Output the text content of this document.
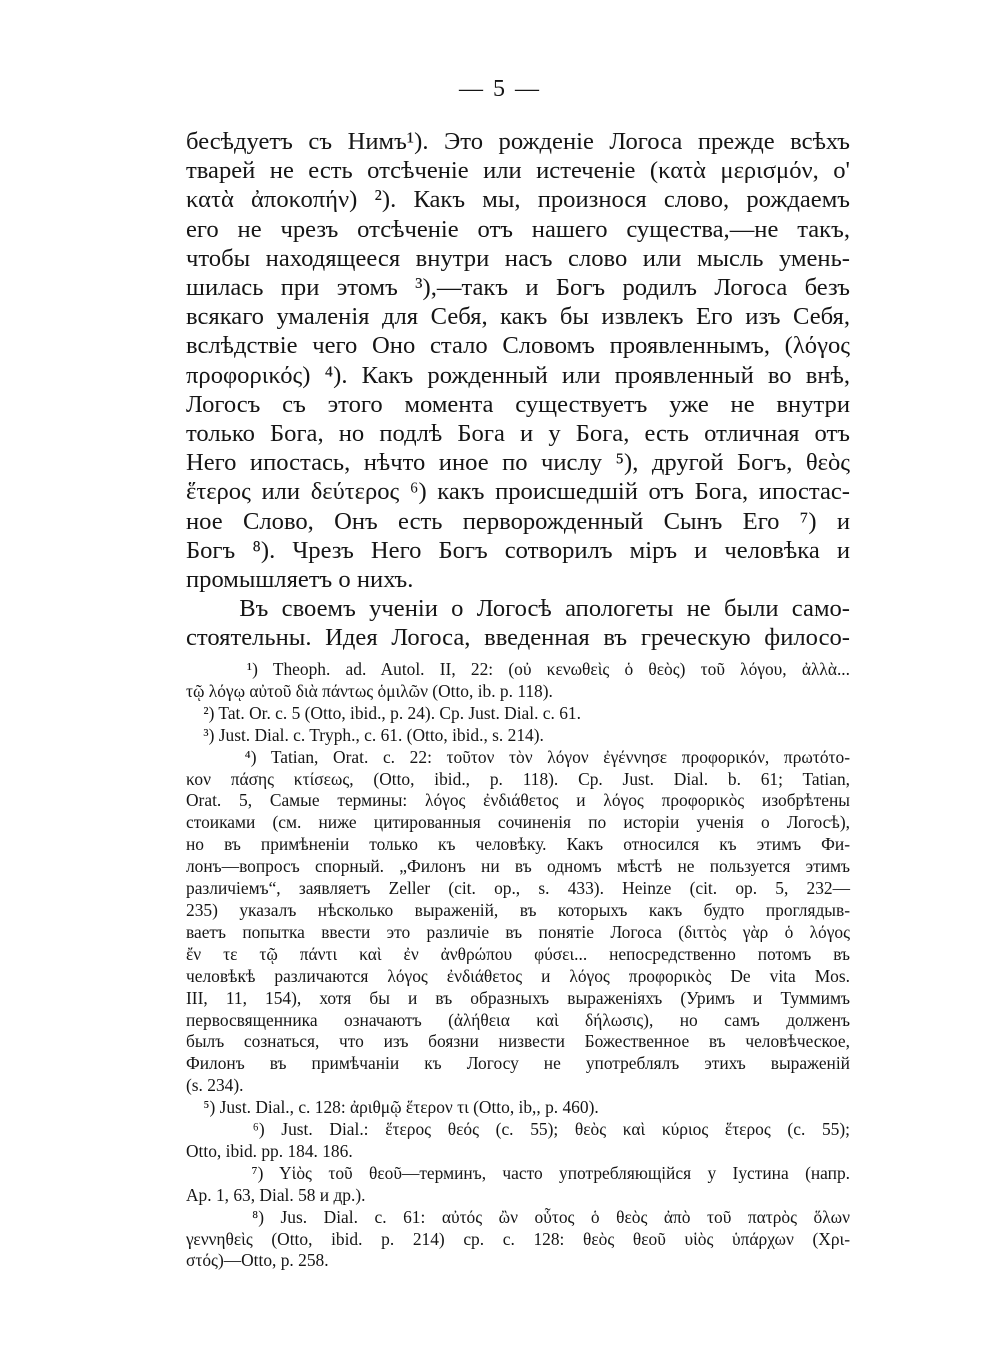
— 5 —
бесѣдуетъ съ Нимъ¹). Это рожденіе Логоса прежде всѣхъ
тварей не есть отсѣченіе или истеченіе (κατὰ μερισμόν, ο'
κατὰ ἀποκοπήν) ²). Какъ мы, произнося слово, рождаемъ
его не чрезъ отсѣченіе отъ нашего существа,—не такъ,
чтобы находящееся внутри насъ слово или мысль умень-
шилась при этомъ ³),—такъ и Богъ родилъ Логоса безъ
всякаго умаленія для Себя, какъ бы извлекъ Его изъ Себя,
вслѣдствіе чего Оно стало Словомъ проявленнымъ, (λόγος
προφορικός) ⁴). Какъ рожденный или проявленный во внѣ,
Логосъ съ этого момента существуетъ уже не внутри
только Бога, но подлѣ Бога и у Бога, есть отличная отъ
Него ипостась, нѣчто иное по числу ⁵), другой Богъ, θεὸς
ἕτερος или δεύτερος ⁶) какъ происшедшій отъ Бога, ипостас-
ное Слово, Онъ есть перворожденный Сынъ Его ⁷) и
Богъ ⁸). Чрезъ Него Богъ сотворилъ міръ и человѣка и
промышляетъ о нихъ.
Въ своемъ ученіи о Логосѣ апологеты не были само-
стоятельны. Идея Логоса, введенная въ греческую филосо-
¹) Theoph. ad. Autol. II, 22: (οὐ κενωθεὶς ὁ θεὸς) τοῦ λόγου, ἀλλὰ...
τῷ λόγῳ αὐτοῦ διὰ πάντως ὁμιλῶν (Otto, ib. p. 118).
²) Tat. Or. c. 5 (Otto, ibid., p. 24). Cp. Just. Dial. c. 61.
³) Just. Dial. c. Tryph., c. 61. (Otto, ibid., s. 214).
⁴) Tatian, Orat. c. 22: τοῦτον τὸν λόγον ἐγέννησε προφορικόν, πρωτότο-
κον πάσης κτίσεως, (Otto, ibid., p. 118). Cp. Just. Dial. b. 61; Tatian,
Orat. 5, Самые термины: λόγος ἐνδιάθετος и λόγος προφορικὸς изобрѣтены
стоиками (см. ниже цитированныя сочиненія по исторіи ученія о Логосѣ),
но въ примѣненіи только къ человѣку. Какъ относился къ этимъ Фи-
лонъ—вопросъ спорный. „Филонъ ни въ одномъ мѣстѣ не пользуется этимъ
различіемъ“, заявляетъ Zeller (cit. op., s. 433). Heinze (cit. op. 5, 232—
235) указалъ нѣсколько выраженій, въ которыхъ какъ будто проглядыв-
ваетъ попытка ввести это различіе въ понятіе Логоса (διττὸς γὰρ ὁ λόγος
ἔν τε τῷ πάντι καὶ ἐν ἀνθρώπου φύσει... непосредственно потомъ въ
человѣкѣ различаются λόγος ἐνδιάθετος и λόγος προφορικὸς De vita Mos.
III, 11, 154), хотя бы и въ образныхъ выраженіяхъ (Уримъ и Туммимъ
первосвященника означаютъ (ἀλήθεια καὶ δήλωσις), но самъ долженъ
былъ сознаться, что изъ боязни низвести Божественное въ человѣческое,
Филонъ въ примѣчаніи къ Логосу не употреблялъ этихъ выраженій
(s. 234).
⁵) Just. Dial., c. 128: ἀριθμῷ ἕτερον τι (Otto, ib,, p. 460).
⁶) Just. Dial.: ἕτερος θεός (c. 55); θεὸς καὶ κύριος ἕτερος (c. 55);
Otto, ibid. pp. 184. 186.
⁷) Υἱὸς τοῦ θεοῦ—терминъ, часто употребляющійся у Іустина (напр.
Ap. 1, 63, Dial. 58 и др.).
⁸) Jus. Dial. c. 61: αὐτός ὢν οὗτος ὁ θεὸς ἀπὸ τοῦ πατρὸς ὅλων
γεννηθεὶς (Otto, ibid. p. 214) cp. c. 128: θεὸς θεοῦ υἱὸς ὑπάρχων (Χρι-
στός)—Otto, p. 258.
